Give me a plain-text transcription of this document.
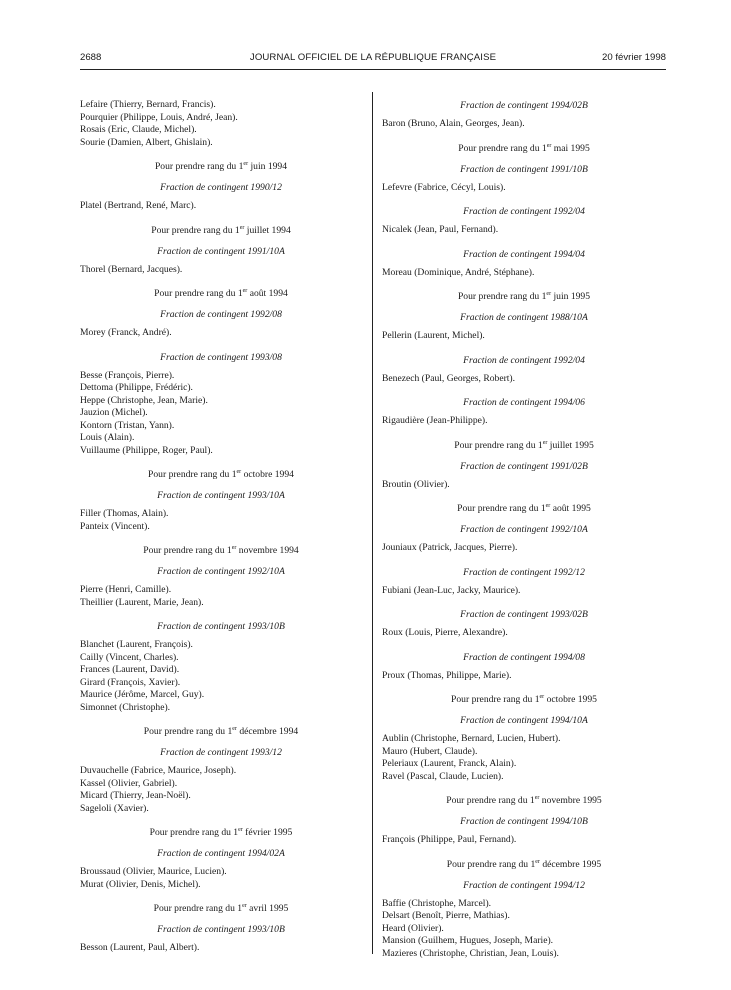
2688	JOURNAL OFFICIEL DE LA RÉPUBLIQUE FRANÇAISE	20 février 1998
Lefaire (Thierry, Bernard, Francis).
Pourquier (Philippe, Louis, André, Jean).
Rosais (Eric, Claude, Michel).
Sourie (Damien, Albert, Ghislain).
Pour prendre rang du 1er juin 1994
Fraction de contingent 1990/12
Platel (Bertrand, René, Marc).
Pour prendre rang du 1er juillet 1994
Fraction de contingent 1991/10A
Thorel (Bernard, Jacques).
Pour prendre rang du 1er août 1994
Fraction de contingent 1992/08
Morey (Franck, André).
Fraction de contingent 1993/08
Besse (François, Pierre).
Dettoma (Philippe, Frédéric).
Heppe (Christophe, Jean, Marie).
Jauzion (Michel).
Kontorn (Tristan, Yann).
Louis (Alain).
Vuillaume (Philippe, Roger, Paul).
Pour prendre rang du 1er octobre 1994
Fraction de contingent 1993/10A
Filler (Thomas, Alain).
Panteix (Vincent).
Pour prendre rang du 1er novembre 1994
Fraction de contingent 1992/10A
Pierre (Henri, Camille).
Theillier (Laurent, Marie, Jean).
Fraction de contingent 1993/10B
Blanchet (Laurent, François).
Cailly (Vincent, Charles).
Frances (Laurent, David).
Girard (François, Xavier).
Maurice (Jérôme, Marcel, Guy).
Simonnet (Christophe).
Pour prendre rang du 1er décembre 1994
Fraction de contingent 1993/12
Duvauchelle (Fabrice, Maurice, Joseph).
Kassel (Olivier, Gabriel).
Micard (Thierry, Jean-Noël).
Sageloli (Xavier).
Pour prendre rang du 1er février 1995
Fraction de contingent 1994/02A
Broussaud (Olivier, Maurice, Lucien).
Murat (Olivier, Denis, Michel).
Pour prendre rang du 1er avril 1995
Fraction de contingent 1993/10B
Besson (Laurent, Paul, Albert).
Fraction de contingent 1994/02B
Baron (Bruno, Alain, Georges, Jean).
Pour prendre rang du 1er mai 1995
Fraction de contingent 1991/10B
Lefevre (Fabrice, Cécyl, Louis).
Fraction de contingent 1992/04
Nicalek (Jean, Paul, Fernand).
Fraction de contingent 1994/04
Moreau (Dominique, André, Stéphane).
Pour prendre rang du 1er juin 1995
Fraction de contingent 1988/10A
Pellerin (Laurent, Michel).
Fraction de contingent 1992/04
Benezech (Paul, Georges, Robert).
Fraction de contingent 1994/06
Rigaudière (Jean-Philippe).
Pour prendre rang du 1er juillet 1995
Fraction de contingent 1991/02B
Broutin (Olivier).
Pour prendre rang du 1er août 1995
Fraction de contingent 1992/10A
Jouniaux (Patrick, Jacques, Pierre).
Fraction de contingent 1992/12
Fubiani (Jean-Luc, Jacky, Maurice).
Fraction de contingent 1993/02B
Roux (Louis, Pierre, Alexandre).
Fraction de contingent 1994/08
Proux (Thomas, Philippe, Marie).
Pour prendre rang du 1er octobre 1995
Fraction de contingent 1994/10A
Aublin (Christophe, Bernard, Lucien, Hubert).
Mauro (Hubert, Claude).
Peleriaux (Laurent, Franck, Alain).
Ravel (Pascal, Claude, Lucien).
Pour prendre rang du 1er novembre 1995
Fraction de contingent 1994/10B
François (Philippe, Paul, Fernand).
Pour prendre rang du 1er décembre 1995
Fraction de contingent 1994/12
Baffie (Christophe, Marcel).
Delsart (Benoît, Pierre, Mathias).
Heard (Olivier).
Mansion (Guilhem, Hugues, Joseph, Marie).
Mazieres (Christophe, Christian, Jean, Louis).
